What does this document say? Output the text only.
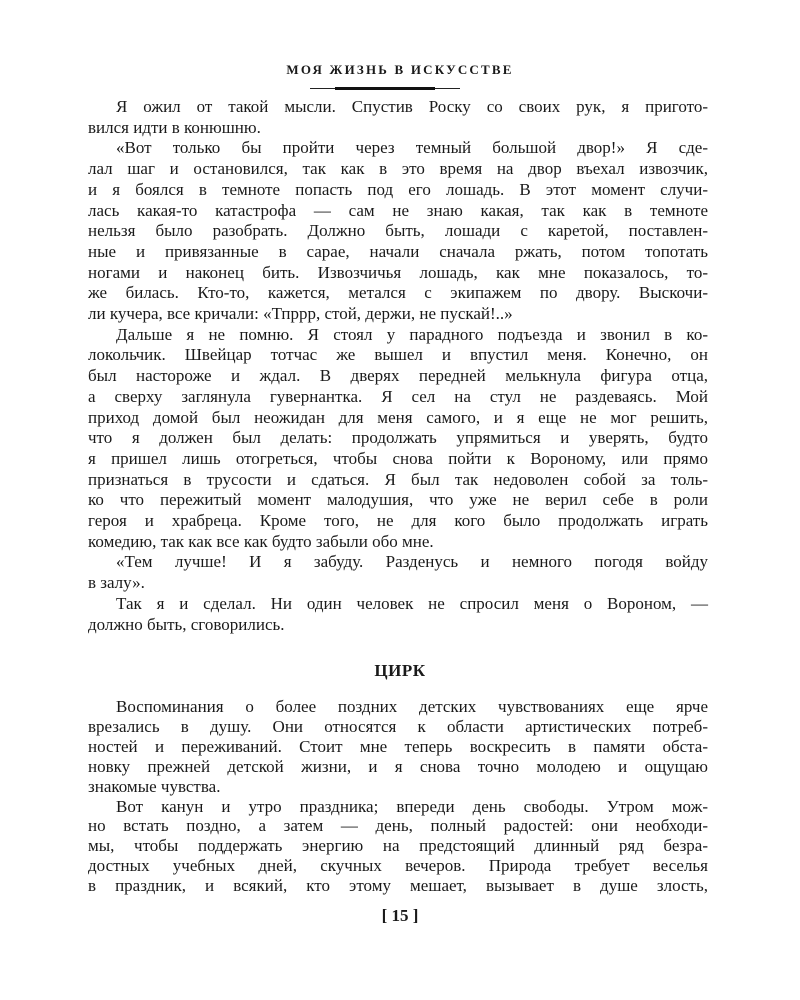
МОЯ ЖИЗНЬ В ИСКУССТВЕ
Я ожил от такой мысли. Спустив Роску со своих рук, я пригото-
вился идти в конюшню.
«Вот только бы пройти через темный большой двор!» Я сде-
лал шаг и остановился, так как в это время на двор въехал извозчик,
и я боялся в темноте попасть под его лошадь. В этот момент случи-
лась какая-то катастрофа — сам не знаю какая, так как в темноте
нельзя было разобрать. Должно быть, лошади с каретой, поставлен-
ные и привязанные в сарае, начали сначала ржать, потом топотать
ногами и наконец бить. Извозчичья лошадь, как мне показалось, то-
же билась. Кто-то, кажется, метался с экипажем по двору. Выскочи-
ли кучера, все кричали: «Тпррр, стой, держи, не пускай!..»
Дальше я не помню. Я стоял у парадного подъезда и звонил в ко-
локольчик. Швейцар тотчас же вышел и впустил меня. Конечно, он
был настороже и ждал. В дверях передней мелькнула фигура отца,
а сверху заглянула гувернантка. Я сел на стул не раздеваясь. Мой
приход домой был неожидан для меня самого, и я еще не мог решить,
что я должен был делать: продолжать упрямиться и уверять, будто
я пришел лишь отогреться, чтобы снова пойти к Вороному, или прямо
признаться в трусости и сдаться. Я был так недоволен собой за толь-
ко что пережитый момент малодушия, что уже не верил себе в роли
героя и храбреца. Кроме того, не для кого было продолжать играть
комедию, так как все как будто забыли обо мне.
«Тем лучше! И я забуду. Разденусь и немного погодя войду
в залу».
Так я и сделал. Ни один человек не спросил меня о Вороном, —
должно быть, сговорились.
ЦИРК
Воспоминания о более поздних детских чувствованиях еще ярче
врезались в душу. Они относятся к области артистических потреб-
ностей и переживаний. Стоит мне теперь воскресить в памяти обста-
новку прежней детской жизни, и я снова точно молодею и ощущаю
знакомые чувства.
Вот канун и утро праздника; впереди день свободы. Утром мож-
но встать поздно, а затем — день, полный радостей: они необходи-
мы, чтобы поддержать энергию на предстоящий длинный ряд безра-
достных учебных дней, скучных вечеров. Природа требует веселья
в праздник, и всякий, кто этому мешает, вызывает в душе злость,
[ 15 ]
